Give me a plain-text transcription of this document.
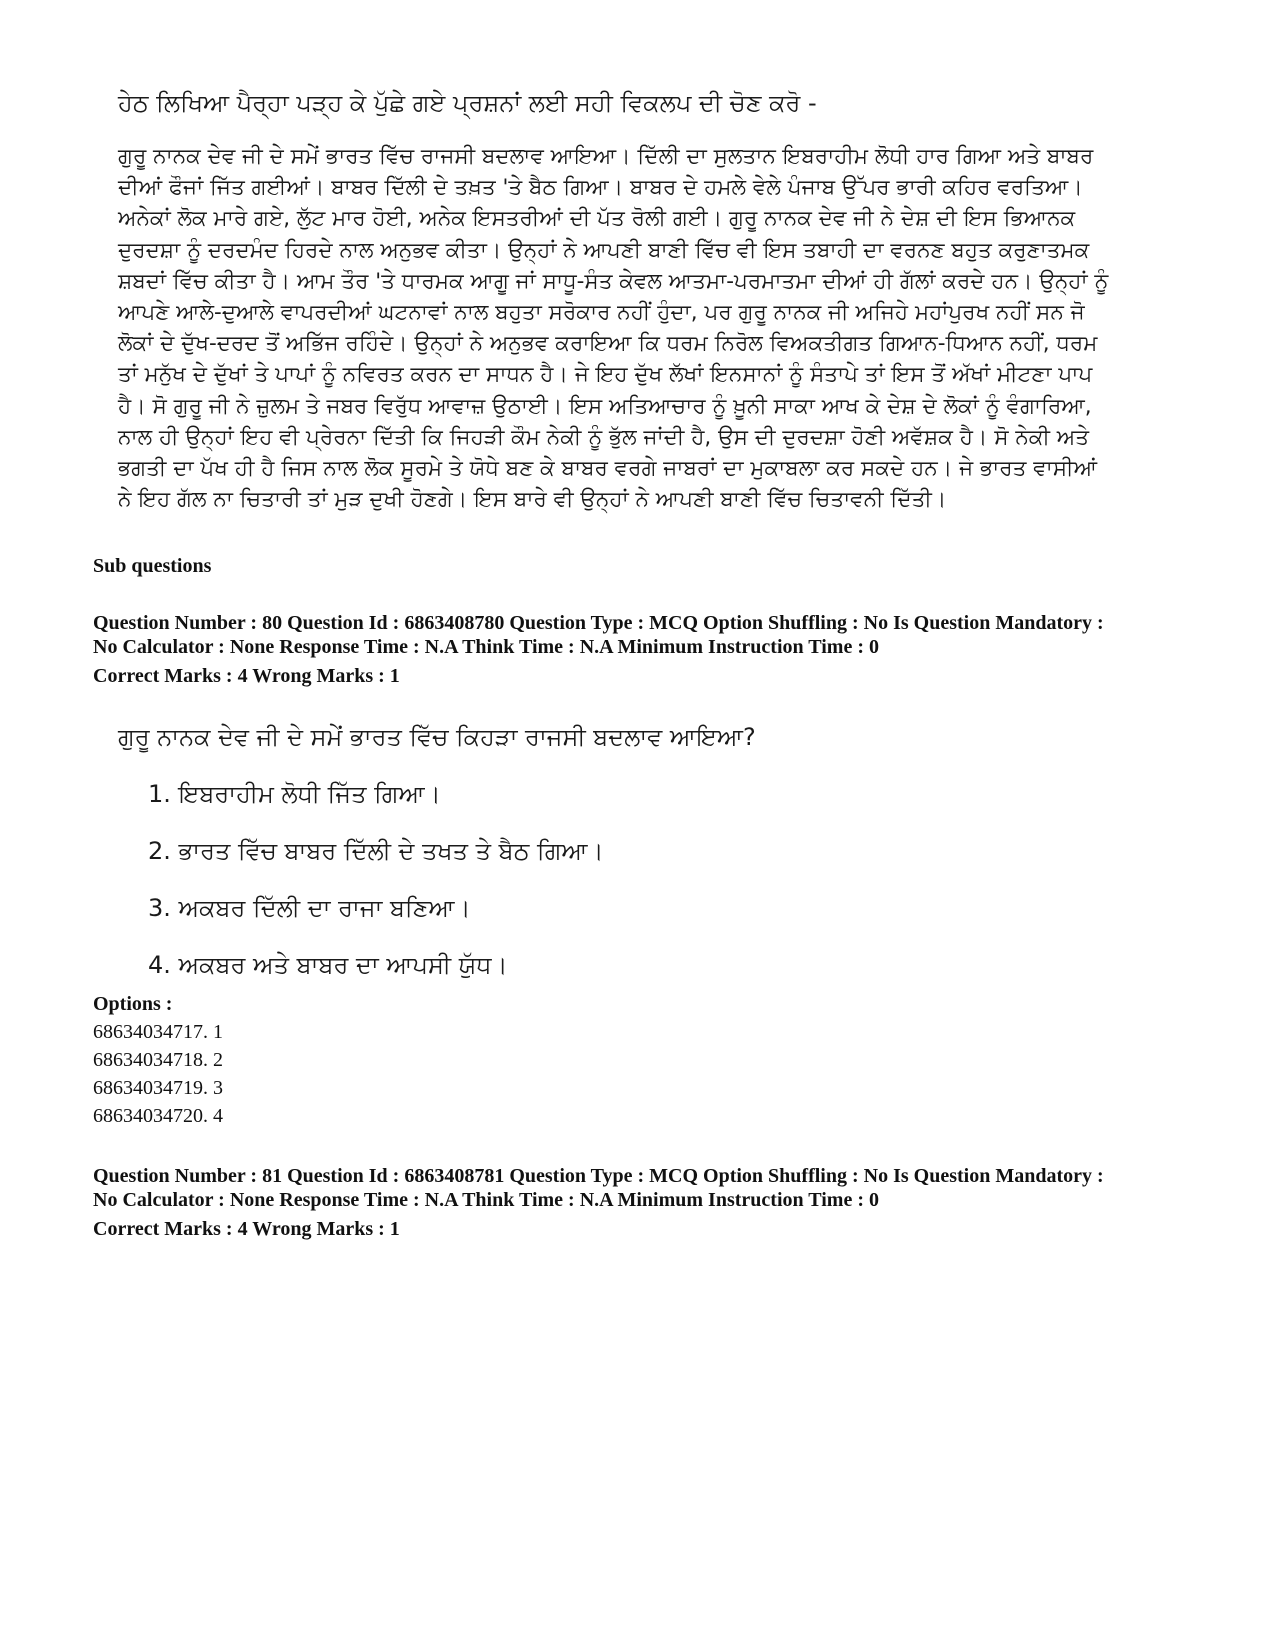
ਹੇਠ ਲਿਖਿਆ ਪੈਰ੍ਹਾ ਪੜ੍ਹ ਕੇ ਪੁੱਛੇ ਗਏ ਪ੍ਰਸ਼ਨਾਂ ਲਈ ਸਹੀ ਵਿਕਲਪ ਦੀ ਚੋਣ ਕਰੋ -

ਗੁਰੂ ਨਾਨਕ ਦੇਵ ਜੀ ਦੇ ਸਮੇਂ ਭਾਰਤ ਵਿੱਚ ਰਾਜਸੀ ਬਦਲਾਵ ਆਇਆ। ਦਿੱਲੀ ਦਾ ਸੁਲਤਾਨ ਇਬਰਾਹੀਮ ਲੋਧੀ ਹਾਰ ਗਿਆ ਅਤੇ ਬਾਬਰ

ਦੀਆਂ ਫੌਜਾਂ ਜਿੱਤ ਗਈਆਂ। ਬਾਬਰ ਦਿੱਲੀ ਦੇ ਤਖ਼ਤ 'ਤੇ ਬੈਠ ਗਿਆ। ਬਾਬਰ ਦੇ ਹਮਲੇ ਵੇਲੇ ਪੰਜਾਬ ਉੱਪਰ ਭਾਰੀ ਕਹਿਰ ਵਰਤਿਆ।

ਅਨੇਕਾਂ ਲੋਕ ਮਾਰੇ ਗਏ, ਲੁੱਟ ਮਾਰ ਹੋਈ, ਅਨੇਕ ਇਸਤਰੀਆਂ ਦੀ ਪੱਤ ਰੋਲੀ ਗਈ। ਗੁਰੂ ਨਾਨਕ ਦੇਵ ਜੀ ਨੇ ਦੇਸ਼ ਦੀ ਇਸ ਭਿਆਨਕ

ਦੁਰਦਸ਼ਾ ਨੂੰ ਦਰਦਮੰਦ ਹਿਰਦੇ ਨਾਲ ਅਨੁਭਵ ਕੀਤਾ। ਉਨ੍ਹਾਂ ਨੇ ਆਪਣੀ ਬਾਣੀ ਵਿੱਚ ਵੀ ਇਸ ਤਬਾਹੀ ਦਾ ਵਰਨਣ ਬਹੁਤ ਕਰੁਣਾਤਮਕ

ਸ਼ਬਦਾਂ ਵਿੱਚ ਕੀਤਾ ਹੈ। ਆਮ ਤੌਰ 'ਤੇ ਧਾਰਮਕ ਆਗੂ ਜਾਂ ਸਾਧੂ-ਸੰਤ ਕੇਵਲ ਆਤਮਾ-ਪਰਮਾਤਮਾ ਦੀਆਂ ਹੀ ਗੱਲਾਂ ਕਰਦੇ ਹਨ। ਉਨ੍ਹਾਂ ਨੂੰ

ਆਪਣੇ ਆਲੇ-ਦੁਆਲੇ ਵਾਪਰਦੀਆਂ ਘਟਨਾਵਾਂ ਨਾਲ ਬਹੁਤਾ ਸਰੋਕਾਰ ਨਹੀਂ ਹੁੰਦਾ, ਪਰ ਗੁਰੂ ਨਾਨਕ ਜੀ ਅਜਿਹੇ ਮਹਾਂਪੁਰਖ ਨਹੀਂ ਸਨ ਜੋ

ਲੋਕਾਂ ਦੇ ਦੁੱਖ-ਦਰਦ ਤੋਂ ਅਭਿੱਜ ਰਹਿੰਦੇ। ਉਨ੍ਹਾਂ ਨੇ ਅਨੁਭਵ ਕਰਾਇਆ ਕਿ ਧਰਮ ਨਿਰੋਲ ਵਿਅਕਤੀਗਤ ਗਿਆਨ-ਧਿਆਨ ਨਹੀਂ, ਧਰਮ

ਤਾਂ ਮਨੁੱਖ ਦੇ ਦੁੱਖਾਂ ਤੇ ਪਾਪਾਂ ਨੂੰ ਨਵਿਰਤ ਕਰਨ ਦਾ ਸਾਧਨ ਹੈ। ਜੇ ਇਹ ਦੁੱਖ ਲੱਖਾਂ ਇਨਸਾਨਾਂ ਨੂੰ ਸੰਤਾਪੇ ਤਾਂ ਇਸ ਤੋਂ ਅੱਖਾਂ ਮੀਟਣਾ ਪਾਪ

ਹੈ। ਸੋ ਗੁਰੂ ਜੀ ਨੇ ਜ਼ੁਲਮ ਤੇ ਜਬਰ ਵਿਰੁੱਧ ਆਵਾਜ਼ ਉਠਾਈ। ਇਸ ਅਤਿਆਚਾਰ ਨੂੰ ਖ਼ੂਨੀ ਸਾਕਾ ਆਖ ਕੇ ਦੇਸ਼ ਦੇ ਲੋਕਾਂ ਨੂੰ ਵੰਗਾਰਿਆ,

ਨਾਲ ਹੀ ਉਨ੍ਹਾਂ ਇਹ ਵੀ ਪ੍ਰੇਰਨਾ ਦਿੱਤੀ ਕਿ ਜਿਹੜੀ ਕੌਮ ਨੇਕੀ ਨੂੰ ਭੁੱਲ ਜਾਂਦੀ ਹੈ, ਉਸ ਦੀ ਦੁਰਦਸ਼ਾ ਹੋਣੀ ਅਵੱਸ਼ਕ ਹੈ। ਸੋ ਨੇਕੀ ਅਤੇ

ਭਗਤੀ ਦਾ ਪੱਖ ਹੀ ਹੈ ਜਿਸ ਨਾਲ ਲੋਕ ਸੂਰਮੇ ਤੇ ਯੋਧੇ ਬਣ ਕੇ ਬਾਬਰ ਵਰਗੇ ਜਾਬਰਾਂ ਦਾ ਮੁਕਾਬਲਾ ਕਰ ਸਕਦੇ ਹਨ। ਜੇ ਭਾਰਤ ਵਾਸੀਆਂ

ਨੇ ਇਹ ਗੱਲ ਨਾ ਚਿਤਾਰੀ ਤਾਂ ਮੁੜ ਦੁਖੀ ਹੋਣਗੇ। ਇਸ ਬਾਰੇ ਵੀ ਉਨ੍ਹਾਂ ਨੇ ਆਪਣੀ ਬਾਣੀ ਵਿੱਚ ਚਿਤਾਵਨੀ ਦਿੱਤੀ।

Sub questions
Question Number : 80 Question Id : 6863408780 Question Type : MCQ Option Shuffling : No Is Question Mandatory :
No Calculator : None Response Time : N.A Think Time : N.A Minimum Instruction Time : 0
Correct Marks : 4 Wrong Marks : 1
ਗੁਰੂ ਨਾਨਕ ਦੇਵ ਜੀ ਦੇ ਸਮੇਂ ਭਾਰਤ ਵਿੱਚ ਕਿਹੜਾ ਰਾਜਸੀ ਬਦਲਾਵ ਆਇਆ?
1. ਇਬਰਾਹੀਮ ਲੋਧੀ ਜਿੱਤ ਗਿਆ।
2. ਭਾਰਤ ਵਿੱਚ ਬਾਬਰ ਦਿੱਲੀ ਦੇ ਤਖਤ ਤੇ ਬੈਠ ਗਿਆ।
3. ਅਕਬਰ ਦਿੱਲੀ ਦਾ ਰਾਜਾ ਬਣਿਆ।
4. ਅਕਬਰ ਅਤੇ ਬਾਬਰ ਦਾ ਆਪਸੀ ਯੁੱਧ।
Options :
68634034717. 1
68634034718. 2
68634034719. 3
68634034720. 4
Question Number : 81 Question Id : 6863408781 Question Type : MCQ Option Shuffling : No Is Question Mandatory :
No Calculator : None Response Time : N.A Think Time : N.A Minimum Instruction Time : 0
Correct Marks : 4 Wrong Marks : 1
